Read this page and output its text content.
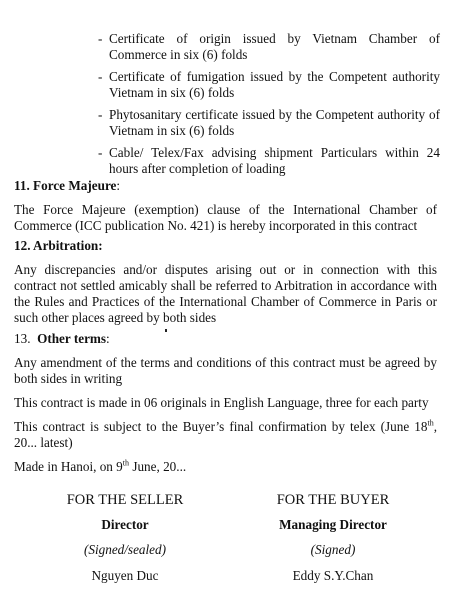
- Certificate of origin issued by Vietnam Chamber of Commerce in six (6) folds
- Certificate of fumigation issued by the Competent authority Vietnam in six (6) folds
- Phytosanitary certificate issued by the Competent authority of Vietnam in six (6) folds
- Cable/ Telex/Fax advising shipment Particulars within 24 hours after completion of loading
11. Force Majeure:
The Force Majeure (exemption) clause of the International Chamber of Commerce (ICC publication No. 421) is hereby incorporated in this contract
12. Arbitration:
Any discrepancies and/or disputes arising out or in connection with this contract not settled amicably shall be referred to Arbitration in accordance with the Rules and Practices of the International Chamber of Commerce in Paris or such other places agreed by both sides
13. Other terms:
Any amendment of the terms and conditions of this contract must be agreed by both sides in writing
This contract is made in 06 originals in English Language, three for each party
This contract is subject to the Buyer’s final confirmation by telex (June 18th, 20... latest)
Made in Hanoi, on 9th June, 20...
FOR THE SELLER
Director
(Signed/sealed)
Nguyen Duc
FOR THE BUYER
Managing Director
(Signed)
Eddy S.Y.Chan
